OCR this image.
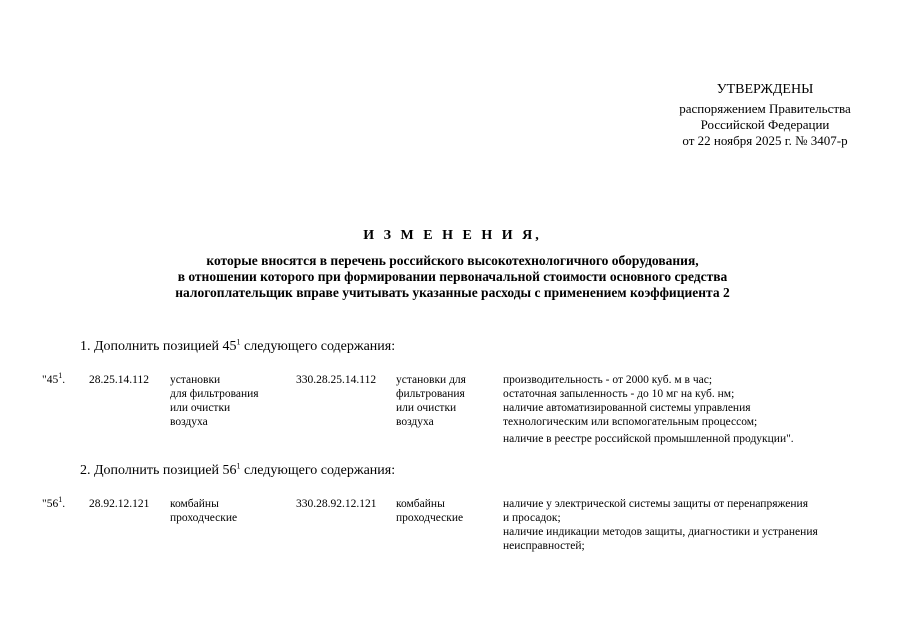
УТВЕРЖДЕНЫ
распоряжением Правительства
Российской Федерации
от 22 ноября 2025 г. № 3407-р
И З М Е Н Е Н И Я,
которые вносятся в перечень российского высокотехнологичного оборудования,
в отношении которого при формировании первоначальной стоимости основного средства
налогоплательщик вправе учитывать указанные расходы с применением коэффициента 2
1. Дополнить позицией $45^1$ следующего содержания:
"$45^1$. 28.25.14.112 установки
для фильтрования
или очистки
воздуха
330.28.25.14.112 установки для
фильтрования
или очистки
воздуха
производительность - от 2000 куб. м в час;
остаточная запыленность - до 10 мг на куб. нм;
наличие автоматизированной системы управления
технологическим или вспомогательным процессом;
наличие в реестре российской промышленной продукции".
2. Дополнить позицией $56^1$ следующего содержания:
"$56^1$. 28.92.12.121 комбайны
проходческие
330.28.92.12.121 комбайны
проходческие
наличие у электрической системы защиты от перенапряжения
и просадок;
наличие индикации методов защиты, диагностики и устранения
неисправностей;
